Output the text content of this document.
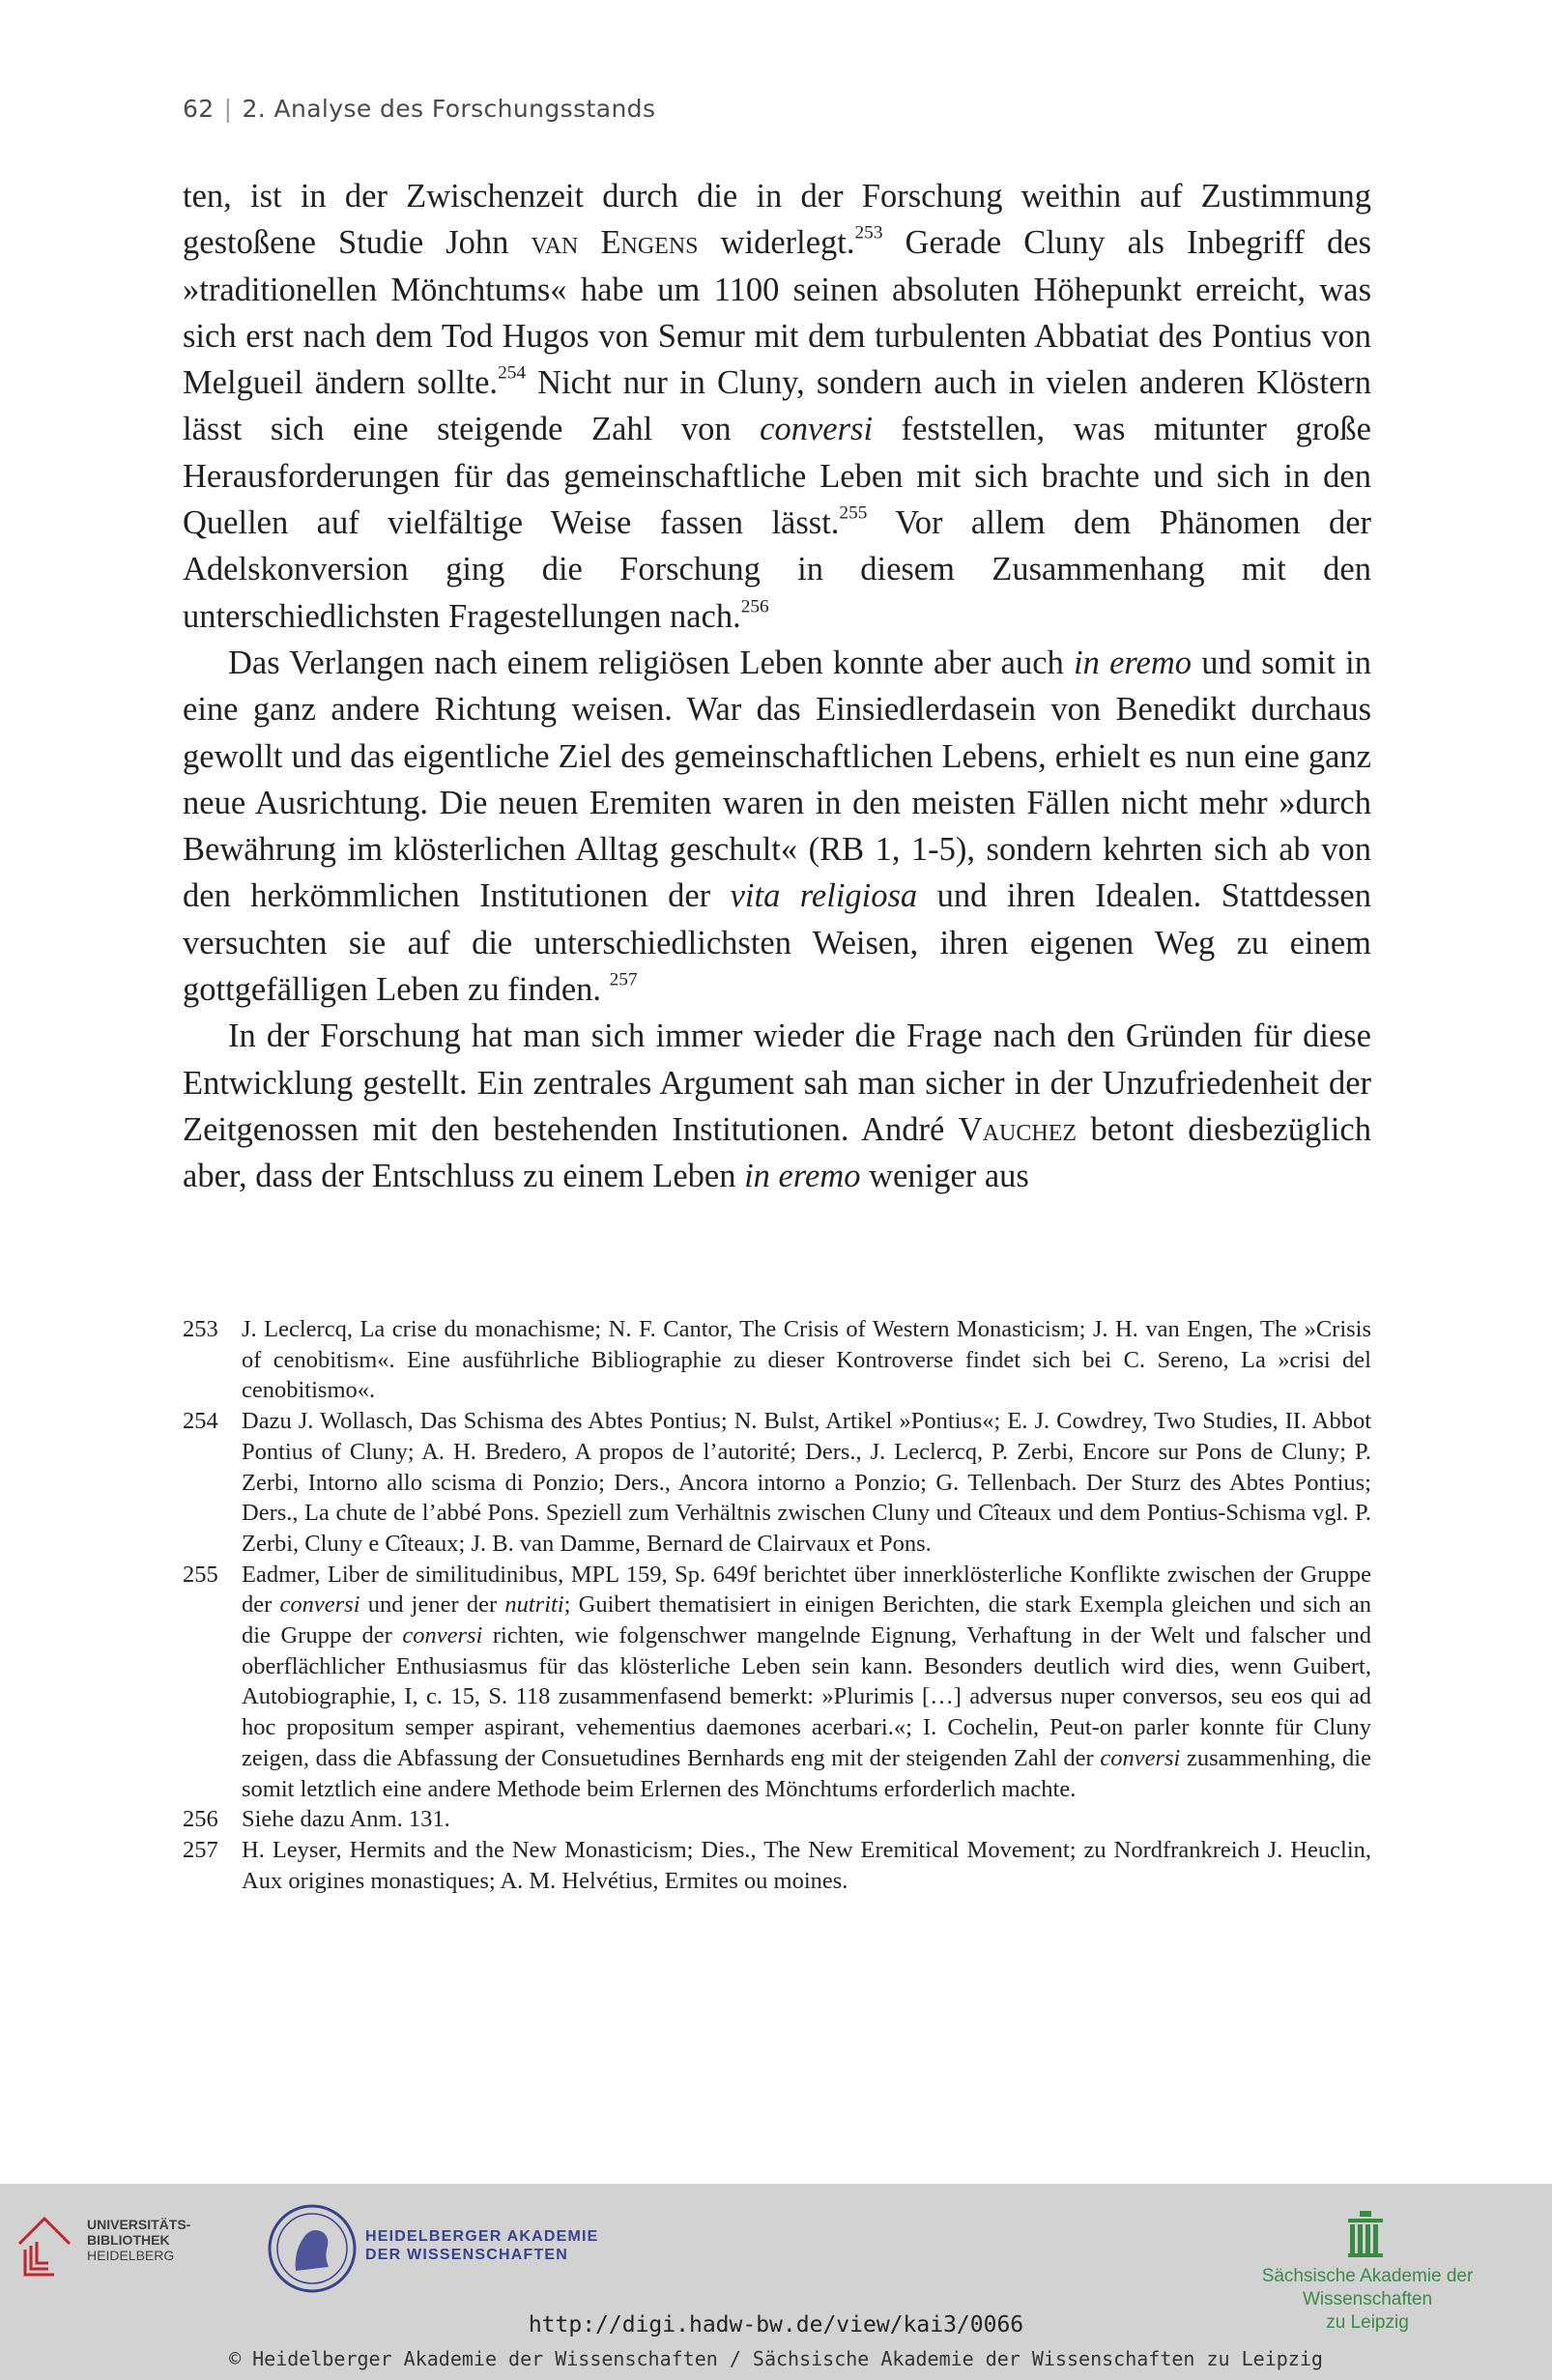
62 | 2. Analyse des Forschungsstands

ten, ist in der Zwischenzeit durch die in der Forschung weithin auf Zustimmung gestoßene Studie John van Engens widerlegt.$^{253}$ Gerade Cluny als Inbegriff des »traditionellen Mönchtums« habe um 1100 seinen absoluten Höhepunkt erreicht, was sich erst nach dem Tod Hugos von Semur mit dem turbulenten Abbatiat des Pontius von Melgueil ändern sollte.$^{254}$ Nicht nur in Cluny, sondern auch in vielen anderen Klöstern lässt sich eine steigende Zahl von conversi feststellen, was mitunter große Herausforderungen für das gemeinschaftliche Leben mit sich brachte und sich in den Quellen auf vielfältige Weise fassen lässt.$^{255}$ Vor allem dem Phänomen der Adelskonversion ging die Forschung in diesem Zusammenhang mit den unterschiedlichsten Fragestellungen nach.$^{256}$

Das Verlangen nach einem religiösen Leben konnte aber auch in eremo und somit in eine ganz andere Richtung weisen. War das Einsiedlerdasein von Benedikt durchaus gewollt und das eigentliche Ziel des gemeinschaftlichen Lebens, erhielt es nun eine ganz neue Ausrichtung. Die neuen Eremiten waren in den meisten Fällen nicht mehr »durch Bewährung im klösterlichen Alltag geschult« (RB 1, 1-5), sondern kehrten sich ab von den herkömmlichen Institutionen der vita religiosa und ihren Idealen. Stattdessen versuchten sie auf die unterschiedlichsten Weisen, ihren eigenen Weg zu einem gottgefälligen Leben zu finden. $^{257}$

In der Forschung hat man sich immer wieder die Frage nach den Gründen für diese Entwicklung gestellt. Ein zentrales Argument sah man sicher in der Unzufriedenheit der Zeitgenossen mit den bestehenden Institutionen. André Vauchez betont diesbezüglich aber, dass der Entschluss zu einem Leben in eremo weniger aus

253 J. Leclercq, La crise du monachisme; N. F. Cantor, The Crisis of Western Monasticism; J. H. van Engen, The »Crisis of cenobitism«. Eine ausführliche Bibliographie zu dieser Kontroverse findet sich bei C. Sereno, La »crisi del cenobitismo«.
254 Dazu J. Wollasch, Das Schisma des Abtes Pontius; N. Bulst, Artikel »Pontius«; E. J. Cowdrey, Two Studies, II. Abbot Pontius of Cluny; A. H. Bredero, A propos de l’autorité; Ders., J. Leclercq, P. Zerbi, Encore sur Pons de Cluny; P. Zerbi, Intorno allo scisma di Ponzio; Ders., Ancora intorno a Ponzio; G. Tellenbach. Der Sturz des Abtes Pontius; Ders., La chute de l’abbé Pons. Speziell zum Verhältnis zwischen Cluny und Cîteaux und dem Pontius-Schisma vgl. P. Zerbi, Cluny e Cîteaux; J. B. van Damme, Bernard de Clairvaux et Pons.
255 Eadmer, Liber de similitudinibus, MPL 159, Sp. 649f berichtet über innerklösterliche Konflikte zwischen der Gruppe der conversi und jener der nutriti; Guibert thematisiert in einigen Berichten, die stark Exempla gleichen und sich an die Gruppe der conversi richten, wie folgenschwer mangelnde Eignung, Verhaftung in der Welt und falscher und oberflächlicher Enthusiasmus für das klösterliche Leben sein kann. Besonders deutlich wird dies, wenn Guibert, Autobiographie, I, c. 15, S. 118 zusammenfasend bemerkt: »Plurimis […] adversus nuper conversos, seu eos qui ad hoc propositum semper aspirant, vehementius daemones acerbari.«; I. Cochelin, Peut-on parler konnte für Cluny zeigen, dass die Abfassung der Consuetudines Bernhards eng mit der steigenden Zahl der conversi zusammenhing, die somit letztlich eine andere Methode beim Erlernen des Mönchtums erforderlich machte.
256 Siehe dazu Anm. 131.
257 H. Leyser, Hermits and the New Monasticism; Dies., The New Eremitical Movement; zu Nordfrankreich J. Heuclin, Aux origines monastiques; A. M. Helvétius, Ermites ou moines.
UNIVERSITÄTS-
BIBLIOTHEK
HEIDELBERG
HEIDELBERGER AKADEMIE
DER WISSENSCHAFTEN
Sächsische Akademie der Wissenschaften
zu Leipzig
http://digi.hadw-bw.de/view/kai3/0066
© Heidelberger Akademie der Wissenschaften / Sächsische Akademie der Wissenschaften zu Leipzig
